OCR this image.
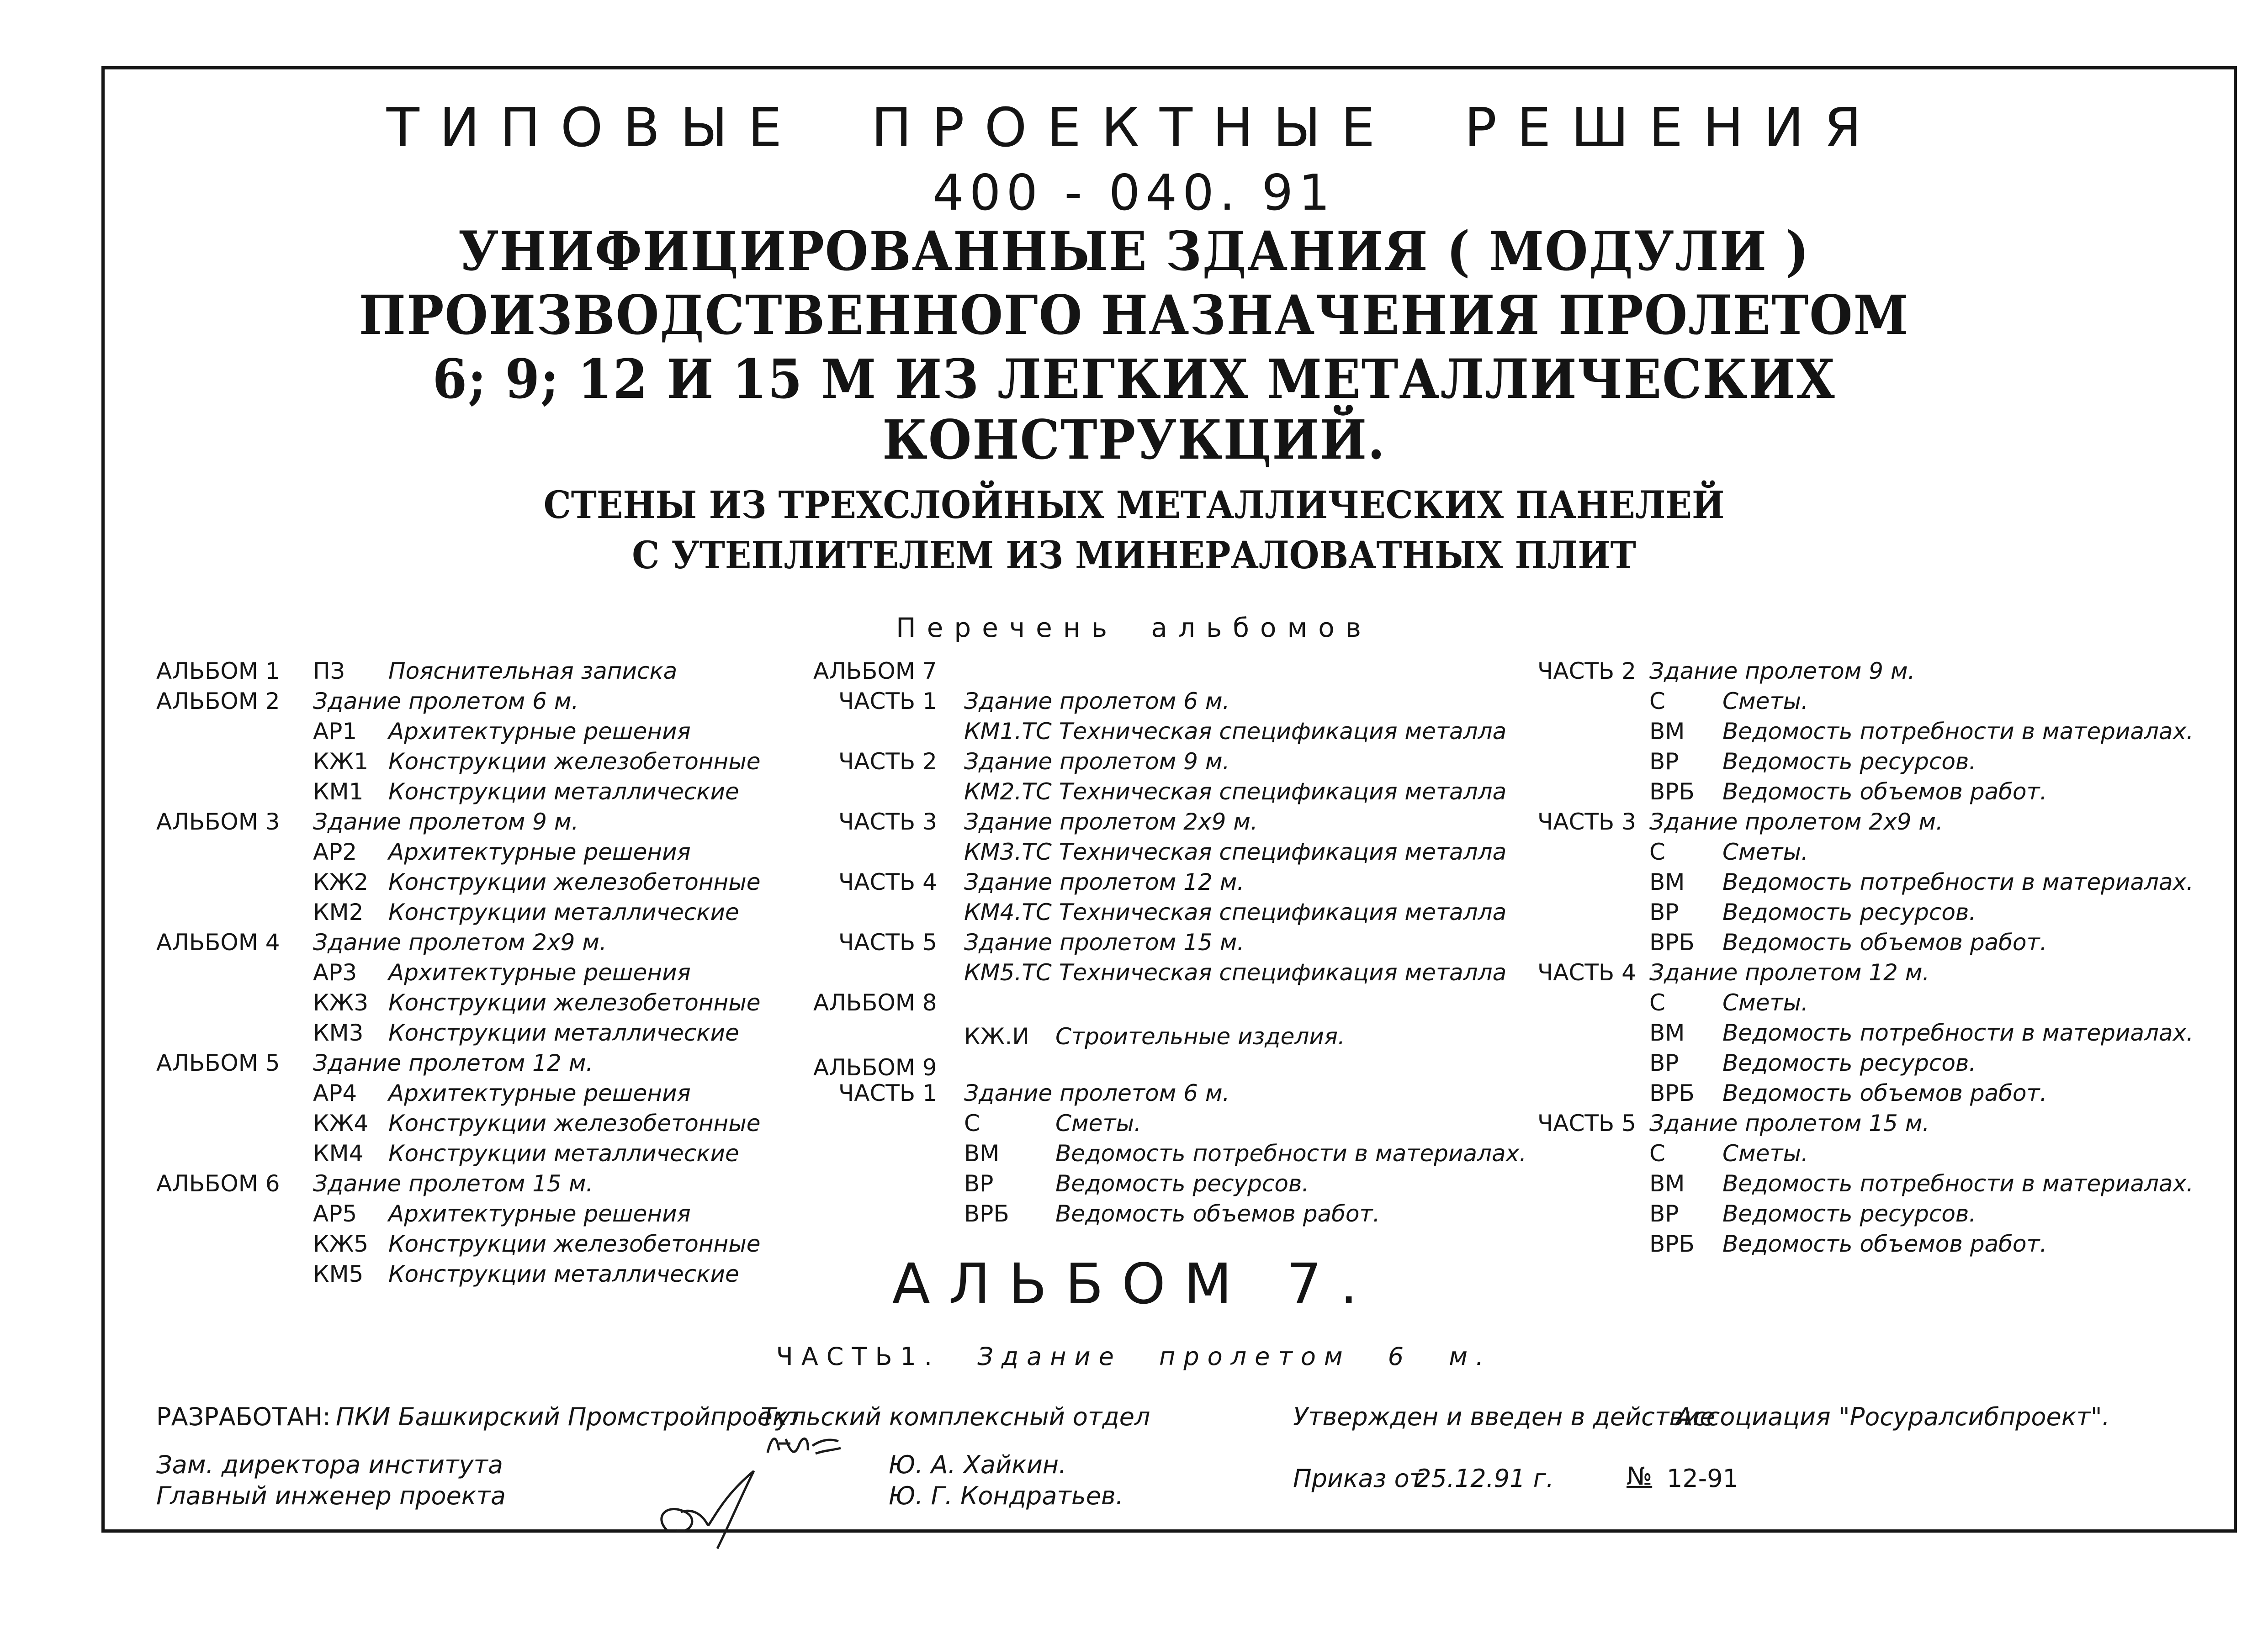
ТИПОВЫЕ ПРОЕКТНЫЕ РЕШЕНИЯ
400 - 040. 91
УНИФИЦИРОВАННЫЕ ЗДАНИЯ ( МОДУЛИ )
ПРОИЗВОДСТВЕННОГО НАЗНАЧЕНИЯ ПРОЛЕТОМ
6; 9; 12 И 15 М ИЗ ЛЕГКИХ МЕТАЛЛИЧЕСКИХ
КОНСТРУКЦИЙ.
СТЕНЫ ИЗ ТРЕХСЛОЙНЫХ МЕТАЛЛИЧЕСКИХ ПАНЕЛЕЙ
С УТЕПЛИТЕЛЕМ ИЗ МИНЕРАЛОВАТНЫХ ПЛИТ
Перечень альбомов
АЛЬБОМ 1 ПЗ Пояснительная записка
АЛЬБОМ 2 Здание пролетом 6 м.
АР1 Архитектурные решения
КЖ1 Конструкции железобетонные
КМ1 Конструкции металлические
АЛЬБОМ 3 Здание пролетом 9 м.
АР2 Архитектурные решения
КЖ2 Конструкции железобетонные
КМ2 Конструкции металлические
АЛЬБОМ 4 Здание пролетом 2х9 м.
АР3 Архитектурные решения
КЖ3 Конструкции железобетонные
КМ3 Конструкции металлические
АЛЬБОМ 5 Здание пролетом 12 м.
АР4 Архитектурные решения
КЖ4 Конструкции железобетонные
КМ4 Конструкции металлические
АЛЬБОМ 6 Здание пролетом 15 м.
АР5 Архитектурные решения
КЖ5 Конструкции железобетонные
КМ5 Конструкции металлические
АЛЬБОМ 7
ЧАСТЬ 1 Здание пролетом 6 м.
КМ1.ТС Техническая спецификация металла
ЧАСТЬ 2 Здание пролетом 9 м.
КМ2.ТС Техническая спецификация металла
ЧАСТЬ 3 Здание пролетом 2х9 м.
КМ3.ТС Техническая спецификация металла
ЧАСТЬ 4 Здание пролетом 12 м.
КМ4.ТС Техническая спецификация металла
ЧАСТЬ 5 Здание пролетом 15 м.
КМ5.ТС Техническая спецификация металла
АЛЬБОМ 8
КЖ.И Строительные изделия.
АЛЬБОМ 9
ЧАСТЬ 1 Здание пролетом 6 м.
С	Сметы.
ВМ Ведомость потребности в материалах.
ВР	Ведомость ресурсов.
ВРБ Ведомость объемов работ.
ЧАСТЬ 2 Здание пролетом 9 м.
С	Сметы.
ВМ Ведомость потребности в материалах.
ВР Ведомость ресурсов.
ВРБ Ведомость объемов работ.
ЧАСТЬ 3 Здание пролетом 2х9 м.
С	Сметы.
ВМ Ведомость потребности в материалах.
ВР Ведомость ресурсов.
ВРБ Ведомость объемов работ.
ЧАСТЬ 4 Здание пролетом 12 м.
С	Сметы.
ВМ Ведомость потребности в материалах.
ВР Ведомость ресурсов.
ВРБ Ведомость объемов работ.
ЧАСТЬ 5 Здание пролетом 15 м.
С	Сметы.
ВМ Ведомость потребности в материалах.
ВР Ведомость ресурсов.
ВРБ Ведомость объемов работ.
АЛЬБОМ 7.
ЧАСТЬ1. Здание пролетом 6 м.
РАЗРАБОТАН: ПКИ Башкирский Промстройпроект
Тульский комплексный отдел	Утвержден и введен в действие
Ассоциация "Росуралсибпроект".
Зам. директора института
Главный инженер проекта
Ю. А. Хайкин.
Ю. Г. Кондратьев.
Приказ от
25.12.91 г.	№ 12-91
